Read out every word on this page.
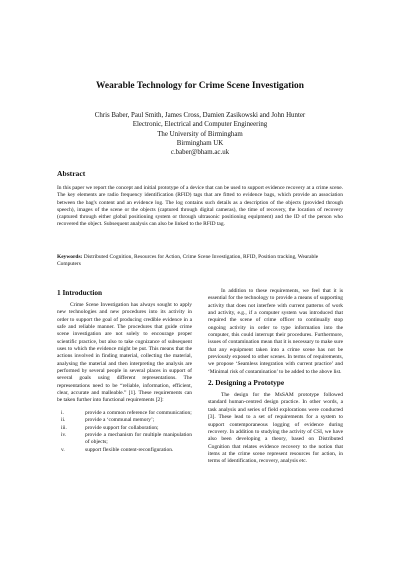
Wearable Technology for Crime Scene Investigation
Chris Baber, Paul Smith, James Cross, Damien Zasikowski and John Hunter
Electronic, Electrical and Computer Engineering
The University of Birmingham
Birmingham UK
c.baber@bham.ac.uk
Abstract
In this paper we report the concept and initial prototype of a device that can be used to support evidence recovery at a crime scene. The key elements are radio frequency identification (RFID) tags that are fitted to evidence bags, which provide an association between the bag's content and an evidence log. The log contains such details as a description of the objects (provided through speech), images of the scene or the objects (captured through digital cameras), the time of recovery, the location of recovery (captured through either global positioning system or through ultrasonic positioning equipment) and the ID of the person who recovered the object. Subsequent analysis can also be linked to the RFID tag.
Keywords: Distributed Cognition, Resources for Action, Crime Scene Investigation, RFID, Position tracking, Wearable Computers
1 Introduction

Crime Scene Investigation has always sought to apply new technologies and new procedures into its activity in order to support the goal of producing credible evidence in a safe and reliable manner. The procedures that guide crime scene investigation are not solely to encourage proper scientific practice, but also to take cognizance of subsequent uses to which the evidence might be put. This means that the actions involved in finding material, collecting the material, analysing the material and then interpreting the analysis are performed by several people in several places in support of several goals using different representations. The representations need to be “reliable, information, efficient, clear, accurate and malleable.” [1]. These requirements can be taken further into functional requirements [2]:

i.	provide a common reference for communication;
ii.	provide a ‘communal memory’;
iii.	provide support for collaboration;
iv.	provide a mechanism for multiple manipulation of objects;
v.	support flexible content-reconfiguration.

In addition to these requirements, we feel that it is essential for the technology to provide a means of supporting activity that does not interfere with current patterns of work and activity, e.g., if a computer system was introduced that required the scene of crime officer to continually stop ongoing activity in order to type information into the computer, this could interrupt their procedures. Furthermore, issues of contamination mean that it is necessary to make sure that any equipment taken into a crime scene has not be previously exposed to other scenes. In terms of requirements, we propose ‘Seamless integration with current practice’ and ‘Minimal risk of contamination’ to be added to the above list.

2. Designing a Prototype

The design for the MsSAM prototype followed standard human-centred design practice. In other words, a task analysis and series of field explorations were conducted [3]. These lead to a set of requirements for a system to support contemporaneous logging of evidence during recovery. In addition to studying the activity of CSI, we have also been developing a theory, based on Distributed Cognition that relates evidence recovery to the notion that items at the crime scene represent resources for action, in terms of identification, recovery, analysis etc.
